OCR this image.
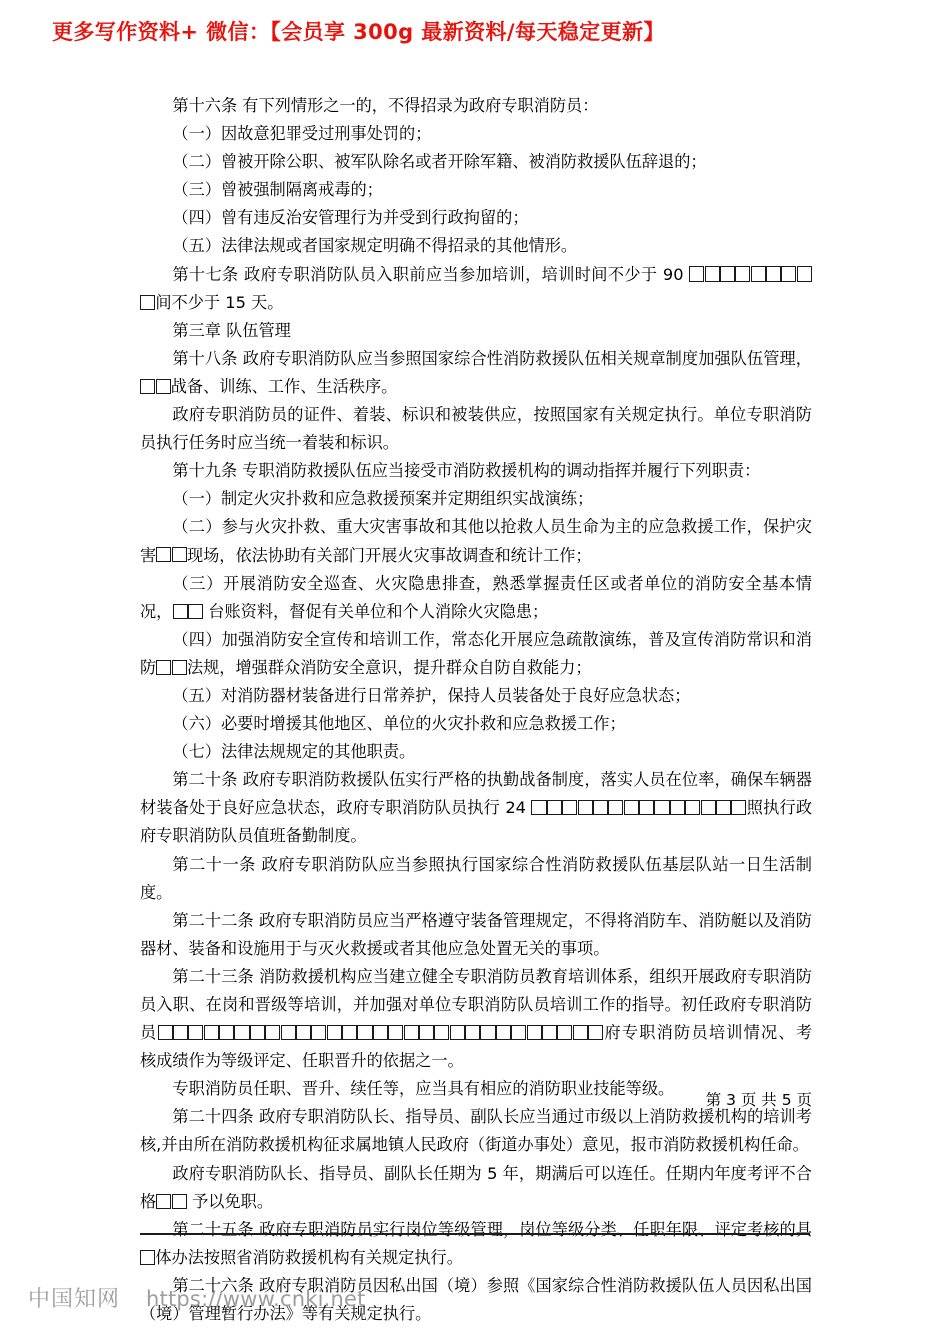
更多写作资料+ 微信：【会员享 300g 最新资料/每天稳定更新】

第十六条 有下列情形之一的，不得招录为政府专职消防员：

（一）因故意犯罪受过刑事处罚的；

（二）曾被开除公职、被军队除名或者开除军籍、被消防救援队伍辞退的；

（三）曾被强制隔离戒毒的；

（四）曾有违反治安管理行为并受到行政拘留的；

（五）法律法规或者国家规定明确不得招录的其他情形。

第十七条 政府专职消防队员入职前应当参加培训，培训时间不少于 90 间不少于 15 天。

第三章 队伍管理

第十八条 政府专职消防队应当参照国家综合性消防救援队伍相关规章制度加强队伍管理，战备、训练、工作、生活秩序。

政府专职消防员的证件、着装、标识和被装供应，按照国家有关规定执行。单位专职消防员执行任务时应当统一着装和标识。

第十九条 专职消防救援队伍应当接受市消防救援机构的调动指挥并履行下列职责：

（一）制定火灾扑救和应急救援预案并定期组织实战演练；

（二）参与火灾扑救、重大灾害事故和其他以抢救人员生命为主的应急救援工作，保护灾害 现场，依法协助有关部门开展火灾事故调查和统计工作；

（三）开展消防安全巡查、火灾隐患排查，熟悉掌握责任区或者单位的消防安全基本情况， 台账资料，督促有关单位和个人消除火灾隐患；

（四）加强消防安全宣传和培训工作，常态化开展应急疏散演练，普及宣传消防常识和消防 法规，增强群众消防安全意识，提升群众自防自救能力；

（五）对消防器材装备进行日常养护，保持人员装备处于良好应急状态；

（六）必要时增援其他地区、单位的火灾扑救和应急救援工作；

（七）法律法规规定的其他职责。

第二十条 政府专职消防救援队伍实行严格的执勤战备制度，落实人员在位率，确保车辆器材装备处于良好应急状态，政府专职消防队员执行 24	照执行政府专职消防队员值班备勤制度。

第二十一条 政府专职消防队应当参照执行国家综合性消防救援队伍基层队站一日生活制度。

第二十二条 政府专职消防员应当严格遵守装备管理规定，不得将消防车、消防艇以及消防器材、装备和设施用于与灭火救援或者其他应急处置无关的事项。

第二十三条 消防救援机构应当建立健全专职消防员教育培训体系，组织开展政府专职消防员入职、在岗和晋级等培训，并加强对单位专职消防队员培训工作的指导。初任政府专职消防员	府专职消防员培训情况、考核成绩作为等级评定、任职晋升的依据之一。

专职消防员任职、晋升、续任等，应当具有相应的消防职业技能等级。

第二十四条 政府专职消防队长、指导员、副队长应当通过市级以上消防救援机构的培训考核,并由所在消防救援机构征求属地镇人民政府（街道办事处）意见，报市消防救援机构任命。

政府专职消防队长、指导员、副队长任期为 5 年，期满后可以连任。任期内年度考评不合格 予以免职。

第二十五条 政府专职消防员实行岗位等级管理，岗位等级分类、任职年限、评定考核的具体办法按照省消防救援机构有关规定执行。

第二十六条 政府专职消防员因私出国（境）参照《国家综合性消防救援队伍人员因私出国（境）管理暂行办法》等有关规定执行。

第 3 页 共 5 页
中国知网 https://www.cnki.net
